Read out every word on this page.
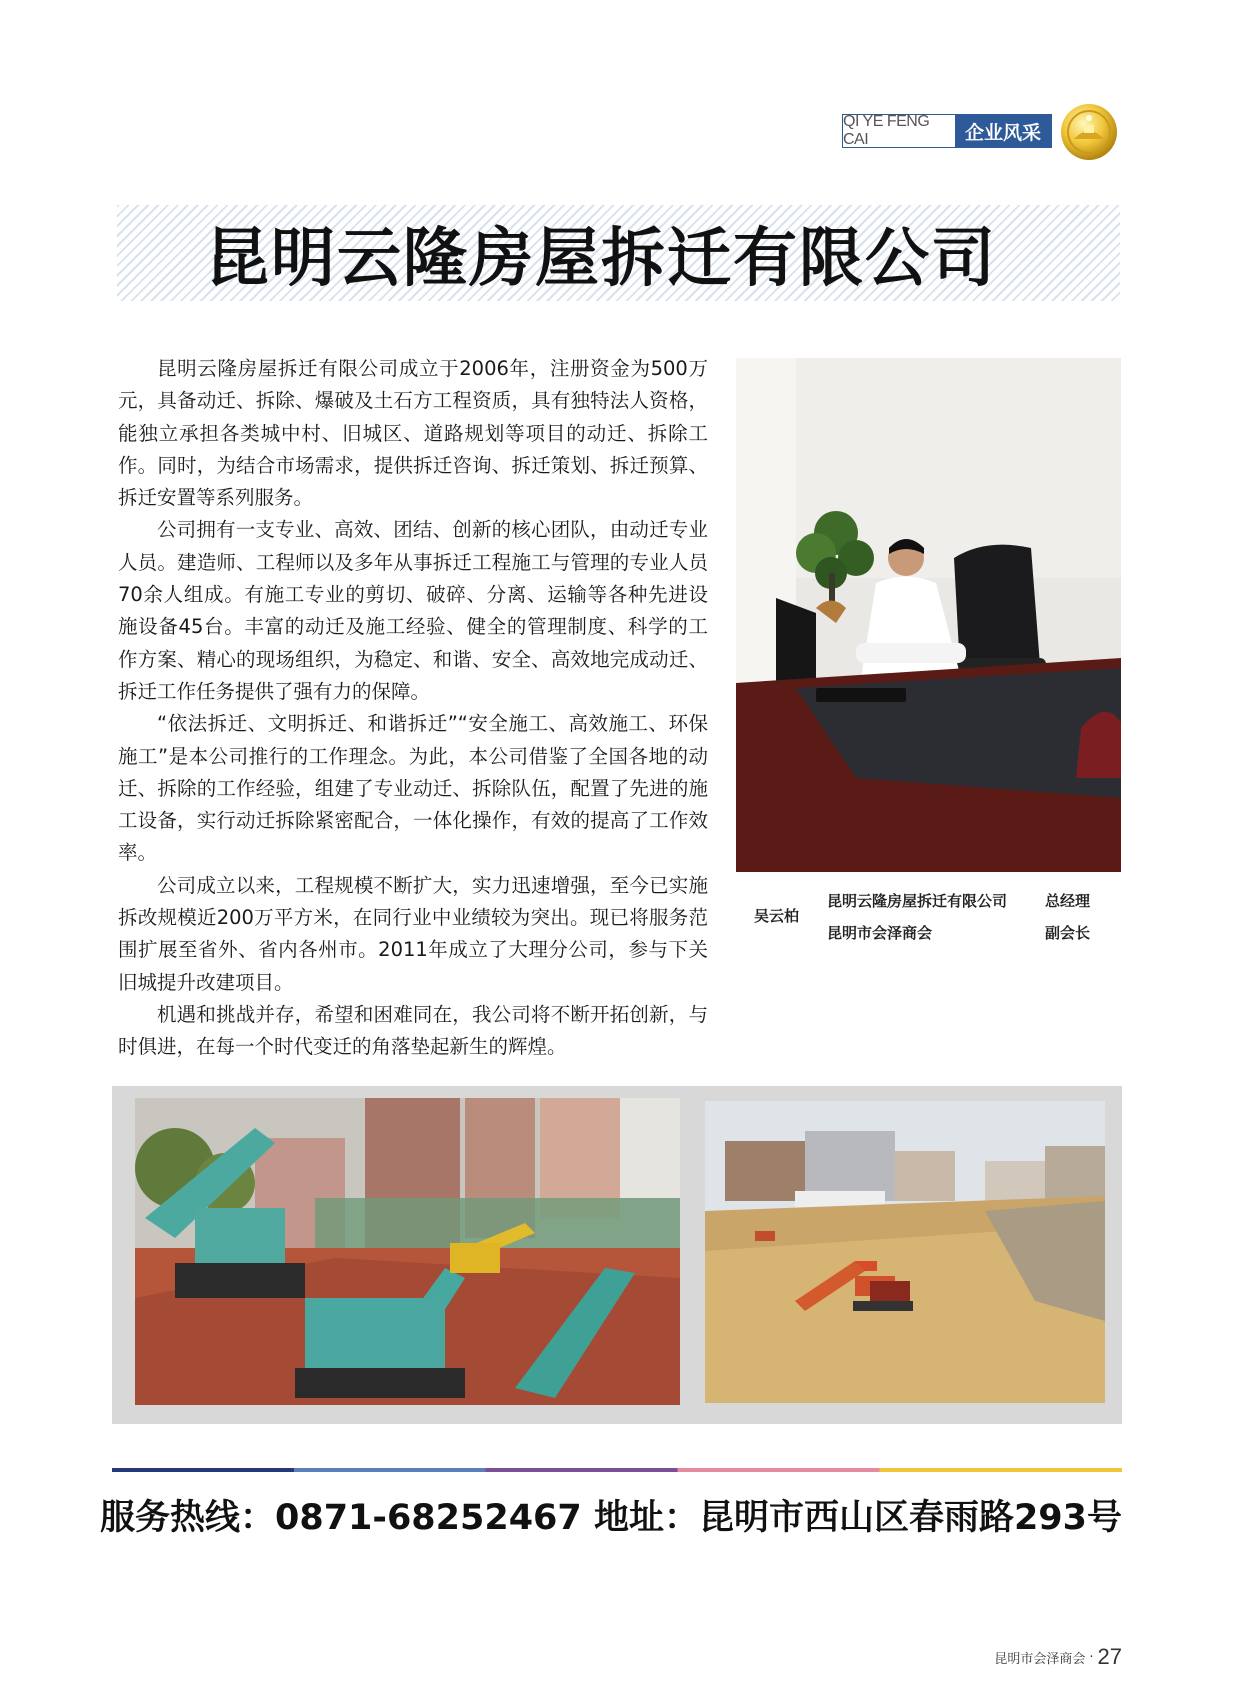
QI YE FENG CAI	企业风采
昆明云隆房屋拆迁有限公司

昆明云隆房屋拆迁有限公司成立于2006年，注册资金为500万元，具备动迁、拆除、爆破及土石方工程资质，具有独特法人资格，能独立承担各类城中村、旧城区、道路规划等项目的动迁、拆除工作。同时，为结合市场需求，提供拆迁咨询、拆迁策划、拆迁预算、拆迁安置等系列服务。

公司拥有一支专业、高效、团结、创新的核心团队，由动迁专业人员。建造师、工程师以及多年从事拆迁工程施工与管理的专业人员70余人组成。有施工专业的剪切、破碎、分离、运输等各种先进设施设备45台。丰富的动迁及施工经验、健全的管理制度、科学的工作方案、精心的现场组织，为稳定、和谐、安全、高效地完成动迁、拆迁工作任务提供了强有力的保障。

“依法拆迁、文明拆迁、和谐拆迁”“安全施工、高效施工、环保施工”是本公司推行的工作理念。为此，本公司借鉴了全国各地的动迁、拆除的工作经验，组建了专业动迁、拆除队伍，配置了先进的施工设备，实行动迁拆除紧密配合，一体化操作，有效的提高了工作效率。

公司成立以来，工程规模不断扩大，实力迅速增强，至今已实施拆改规模近200万平方米，在同行业中业绩较为突出。现已将服务范围扩展至省外、省内各州市。2011年成立了大理分公司，参与下关旧城提升改建项目。

机遇和挑战并存，希望和困难同在，我公司将不断开拓创新，与时俱进，在每一个时代变迁的角落垫起新生的辉煌。

吴云柏
昆明云隆房屋拆迁有限公司
昆明市会泽商会
总经理
副会长
服务热线：0871-68252467 地址：昆明市西山区春雨路293号
昆明市会泽商会 · 27
